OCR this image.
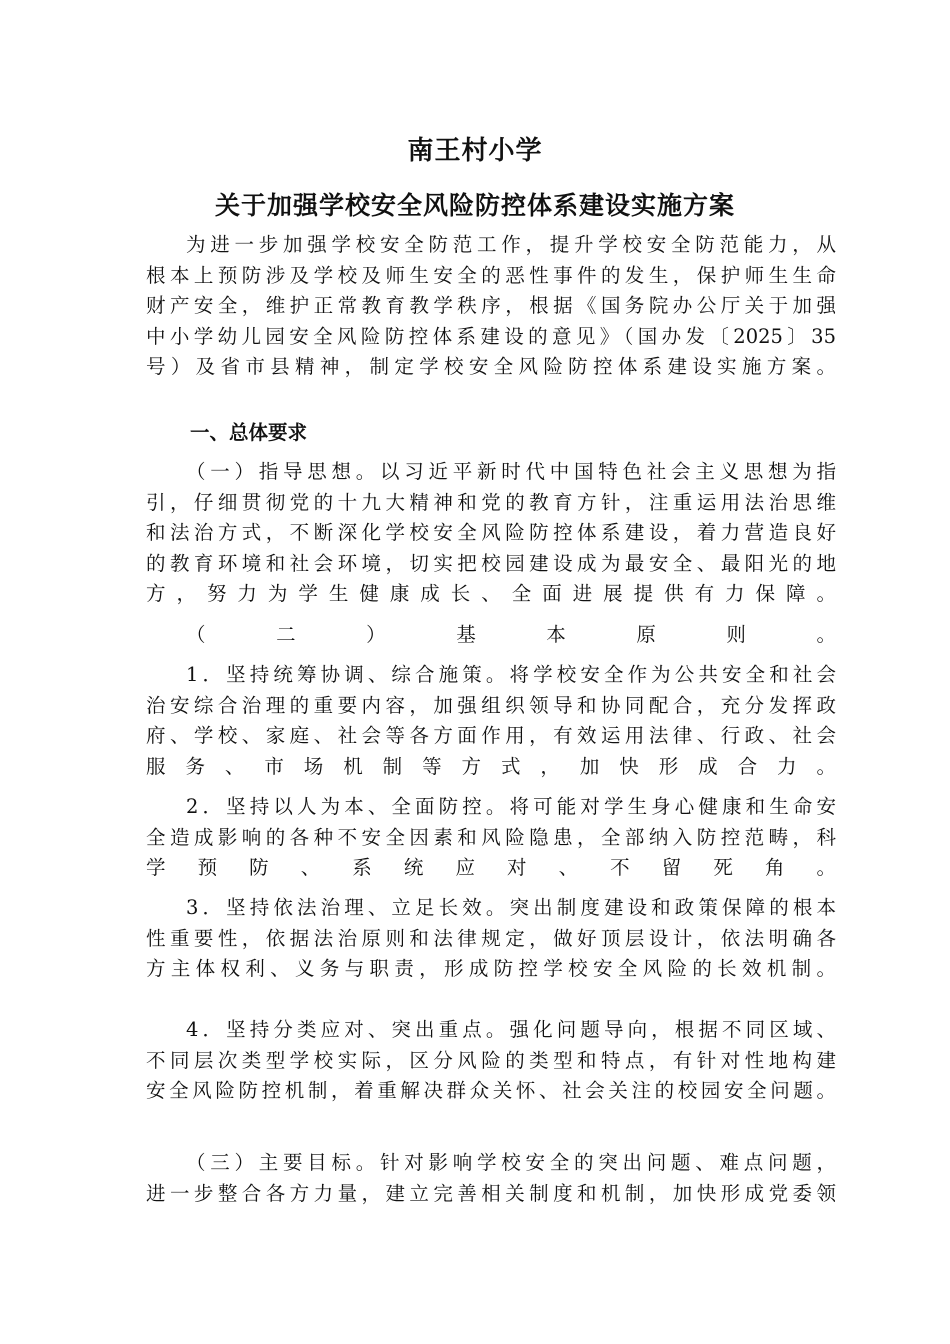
南王村小学
关于加强学校安全风险防控体系建设实施方案
为进一步加强学校安全防范工作，提升学校安全防范能力，从
根本上预防涉及学校及师生安全的恶性事件的发生，保护师生生命
财产安全，维护正常教育教学秩序，根据《国务院办公厅关于加强
中小学幼儿园安全风险防控体系建设的意见》（国办发〔2025〕35
号）及省市县精神，制定学校安全风险防控体系建设实施方案。
一、总体要求
（一）指导思想。以习近平新时代中国特色社会主义思想为指
引，仔细贯彻党的十九大精神和党的教育方针，注重运用法治思维
和法治方式，不断深化学校安全风险防控体系建设，着力营造良好
的教育环境和社会环境，切实把校园建设成为最安全、最阳光的地
方，努力为学生健康成长、全面进展提供有力保障。
（二）基本原则。
1．坚持统筹协调、综合施策。将学校安全作为公共安全和社会
治安综合治理的重要内容，加强组织领导和协同配合，充分发挥政
府、学校、家庭、社会等各方面作用，有效运用法律、行政、社会
服务、市场机制等方式，加快形成合力。
2．坚持以人为本、全面防控。将可能对学生身心健康和生命安
全造成影响的各种不安全因素和风险隐患，全部纳入防控范畴，科
学预防、系统应对、不留死角。
3．坚持依法治理、立足长效。突出制度建设和政策保障的根本
性重要性，依据法治原则和法律规定，做好顶层设计，依法明确各
方主体权利、义务与职责，形成防控学校安全风险的长效机制。
4．坚持分类应对、突出重点。强化问题导向，根据不同区域、
不同层次类型学校实际，区分风险的类型和特点，有针对性地构建
安全风险防控机制，着重解决群众关怀、社会关注的校园安全问题。
（三）主要目标。针对影响学校安全的突出问题、难点问题，
进一步整合各方力量，建立完善相关制度和机制，加快形成党委领
